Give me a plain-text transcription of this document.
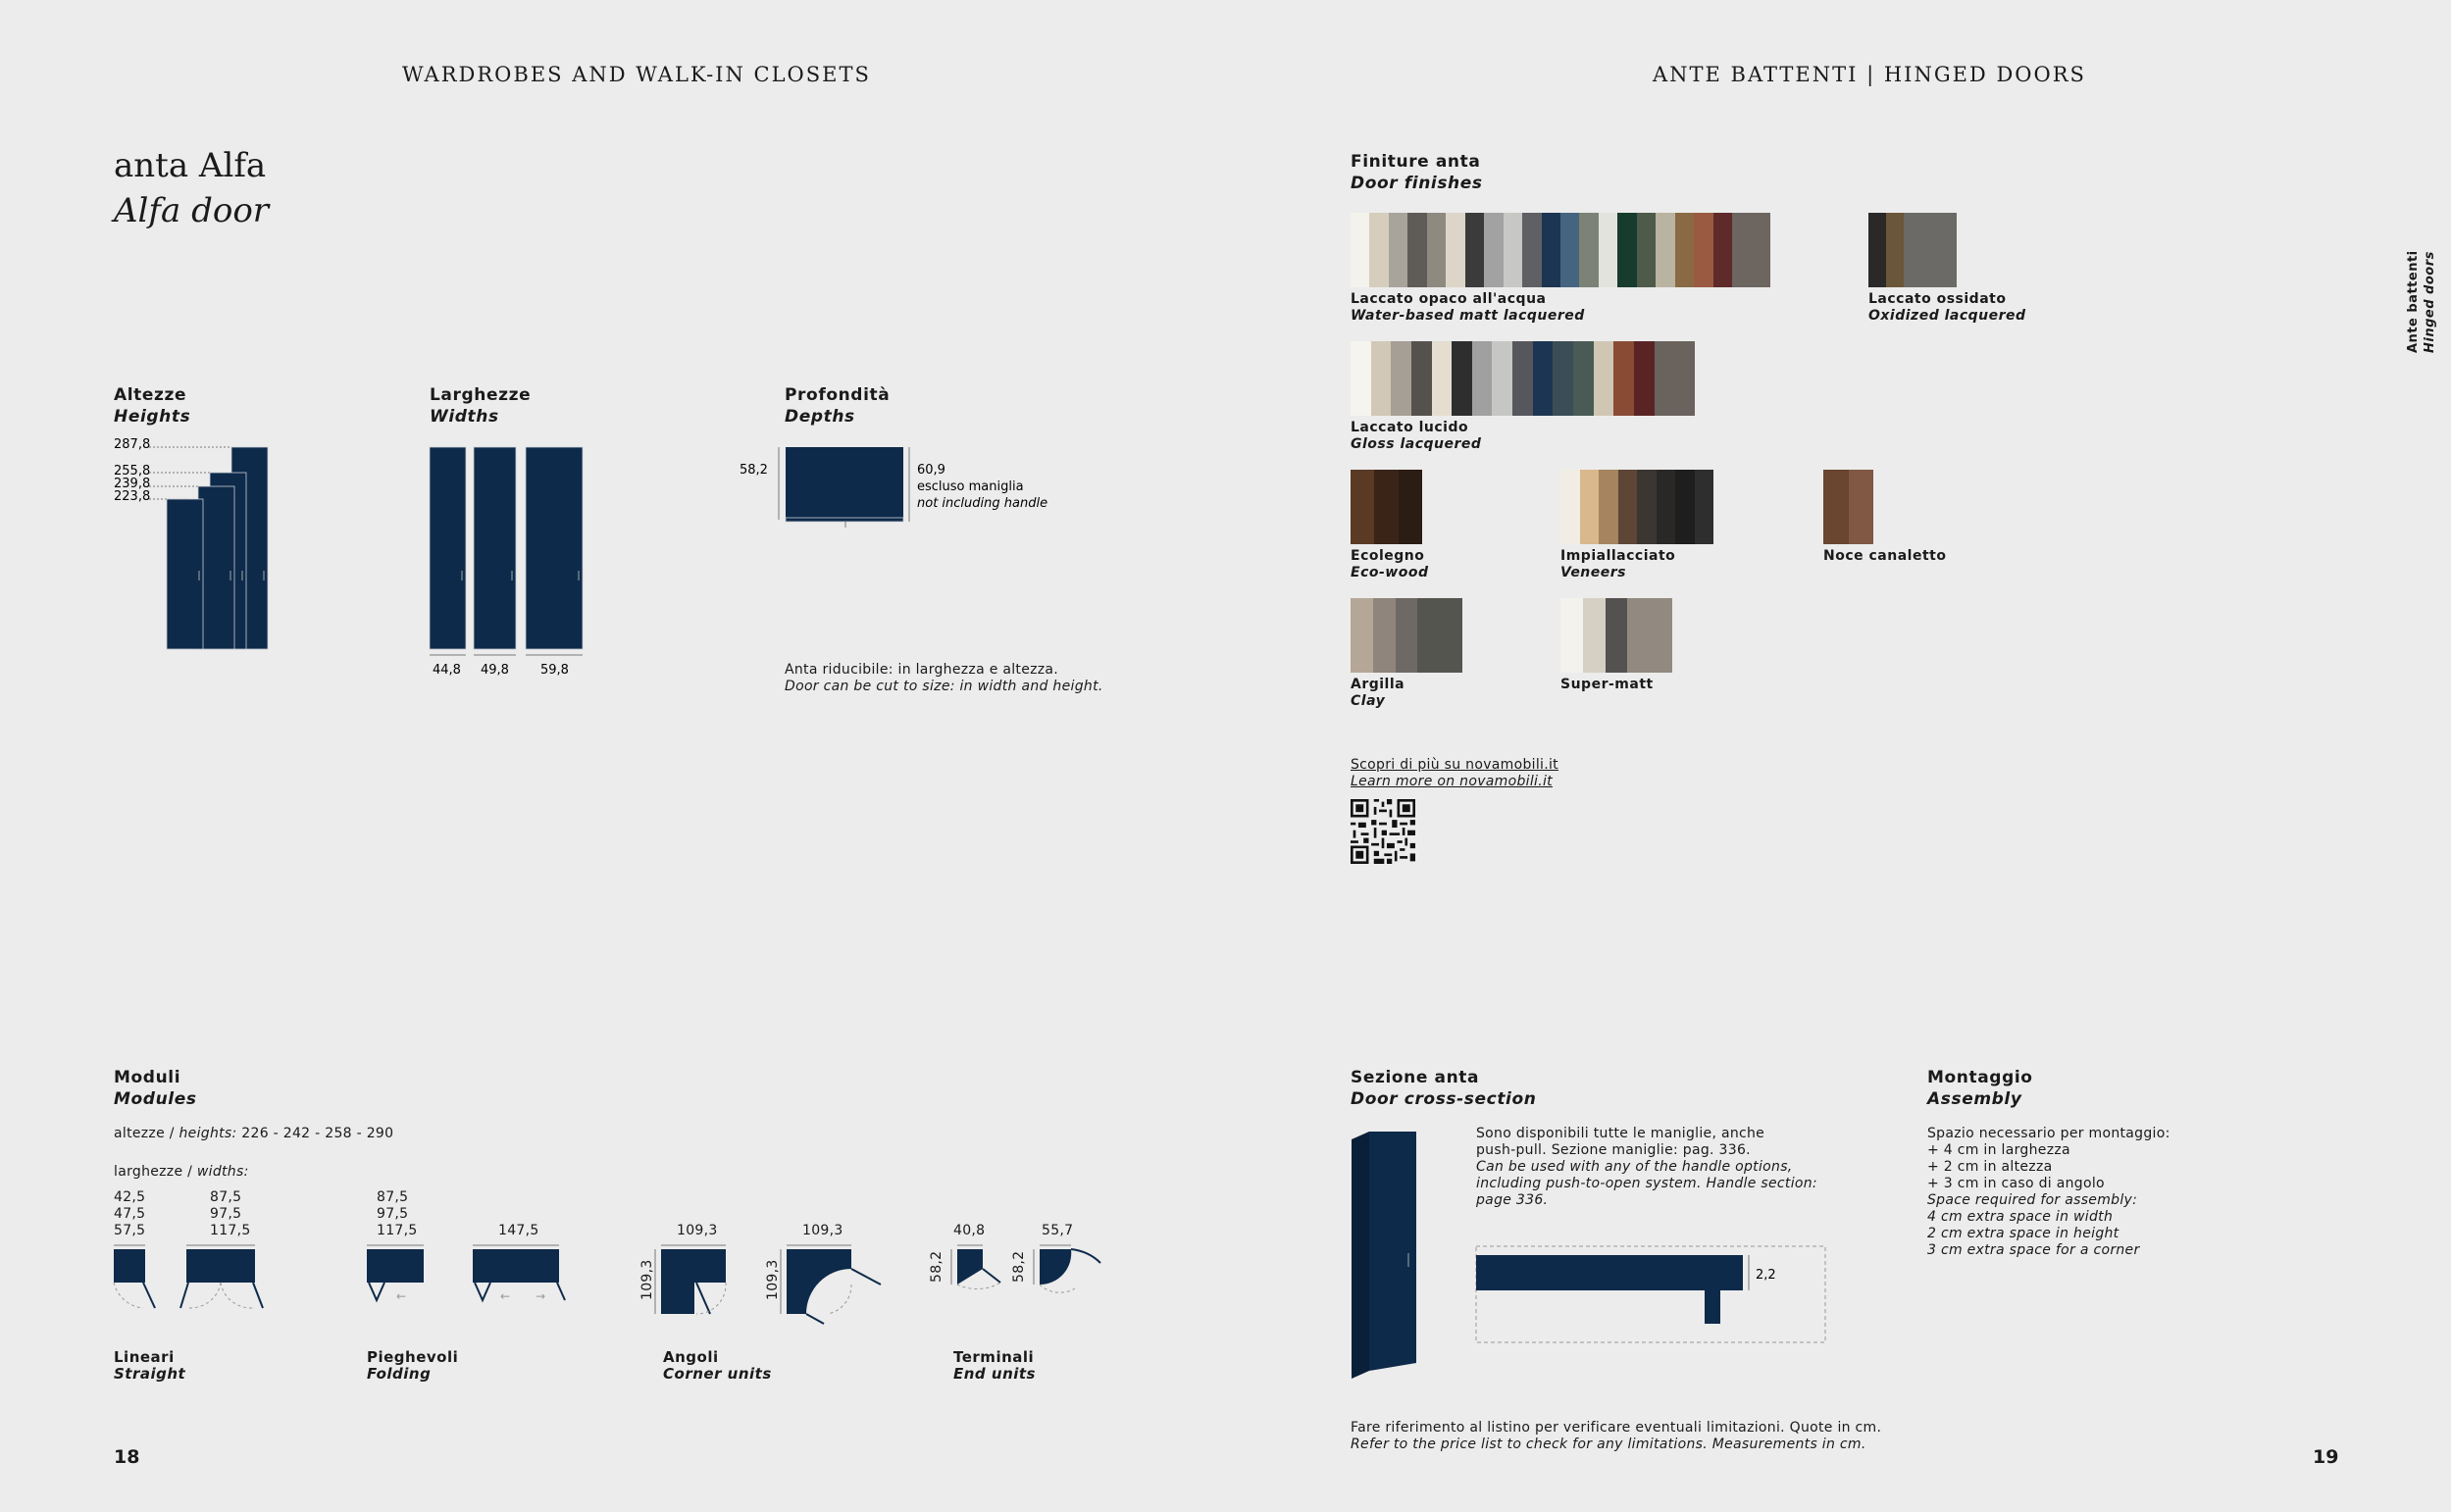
WARDROBES AND WALK-IN CLOSETS	ANTE BATTENTI | HINGED DOORS
Ante battenti Hinged doors
anta Alfa
Alfa door
Altezze
Heights
287,8
255,8
239,8
223,8
Larghezze
Widths
44,8 49,8 59,8
Profondità
Depths
58,2	60,9
escluso maniglia
not including handle
Anta riducibile: in larghezza e altezza.
Door can be cut to size: in width and height.
Finiture anta
Door finishes
Laccato opaco all'acqua
Water-based matt lacquered
Laccato ossidato
Oxidized lacquered
Laccato lucido
Gloss lacquered
Ecolegno
Eco-wood
Impiallacciato
Veneers
Noce canaletto
Argilla
Clay
Super-matt
Scopri di più su novamobili.it
Learn more on novamobili.it
Moduli
Modules
altezze / heights: 226 - 242 - 258 - 290
larghezze / widths:
42,5
47,5
57,5
87,5
97,5
117,5
Lineari
Straight
87,5
97,5
117,5	147,5
←	← →
Pieghevoli
Folding
109,3	109,3
109,3	109,3
Angoli
Corner units
40,8	55,7
58,2	58,2
Terminali
End units
Sezione anta
Door cross-section
Sono disponibili tutte le maniglie, anche
push-pull. Sezione maniglie: pag. 336.
Can be used with any of the handle options,
including push-to-open system. Handle section:
page 336.
2,2
Montaggio
Assembly
Spazio necessario per montaggio:
+ 4 cm in larghezza
+ 2 cm in altezza
+ 3 cm in caso di angolo
Space required for assembly:
4 cm extra space in width
2 cm extra space in height
3 cm extra space for a corner
Fare riferimento al listino per verificare eventuali limitazioni. Quote in cm.
Refer to the price list to check for any limitations. Measurements in cm.
18	19
